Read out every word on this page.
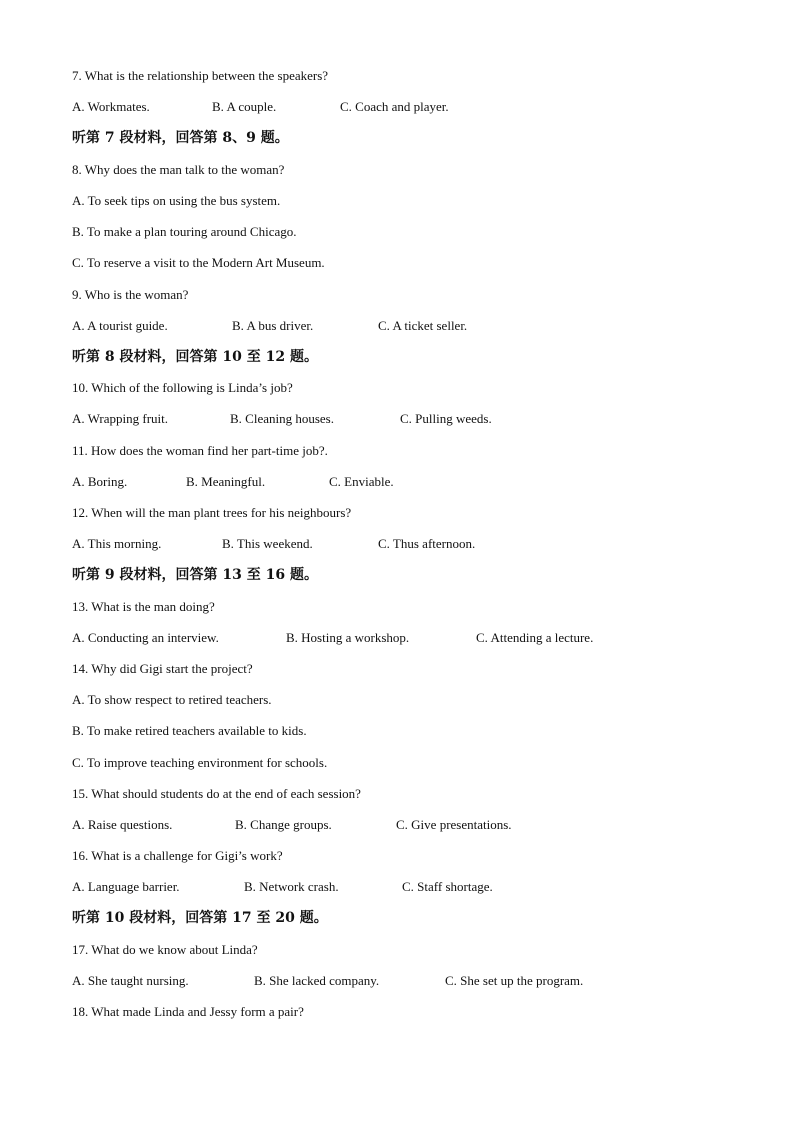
7. What is the relationship between the speakers?
A. Workmates.	B. A couple.	C. Coach and player.
听第 7 段材料，回答第 8、9 题。
8. Why does the man talk to the woman?
A. To seek tips on using the bus system.
B. To make a plan touring around Chicago.
C. To reserve a visit to the Modern Art Museum.
9. Who is the woman?
A. A tourist guide.	B. A bus driver.	C. A ticket seller.
听第 8 段材料，回答第 10 至 12 题。
10. Which of the following is Linda’s job?
A. Wrapping fruit.	B. Cleaning houses.	C. Pulling weeds.
11. How does the woman find her part-time job?.
A. Boring.	B. Meaningful.	C. Enviable.
12. When will the man plant trees for his neighbours?
A. This morning.	B. This weekend.	C. Thus afternoon.
听第 9 段材料，回答第 13 至 16 题。
13. What is the man doing?
A. Conducting an interview.	B. Hosting a workshop.	C. Attending a lecture.
14. Why did Gigi start the project?
A. To show respect to retired teachers.
B. To make retired teachers available to kids.
C. To improve teaching environment for schools.
15. What should students do at the end of each session?
A. Raise questions.	B. Change groups.	C. Give presentations.
16. What is a challenge for Gigi’s work?
A. Language barrier.	B. Network crash.	C. Staff shortage.
听第 10 段材料，回答第 17 至 20 题。
17. What do we know about Linda?
A. She taught nursing.	B. She lacked company.	C. She set up the program.
18. What made Linda and Jessy form a pair?
